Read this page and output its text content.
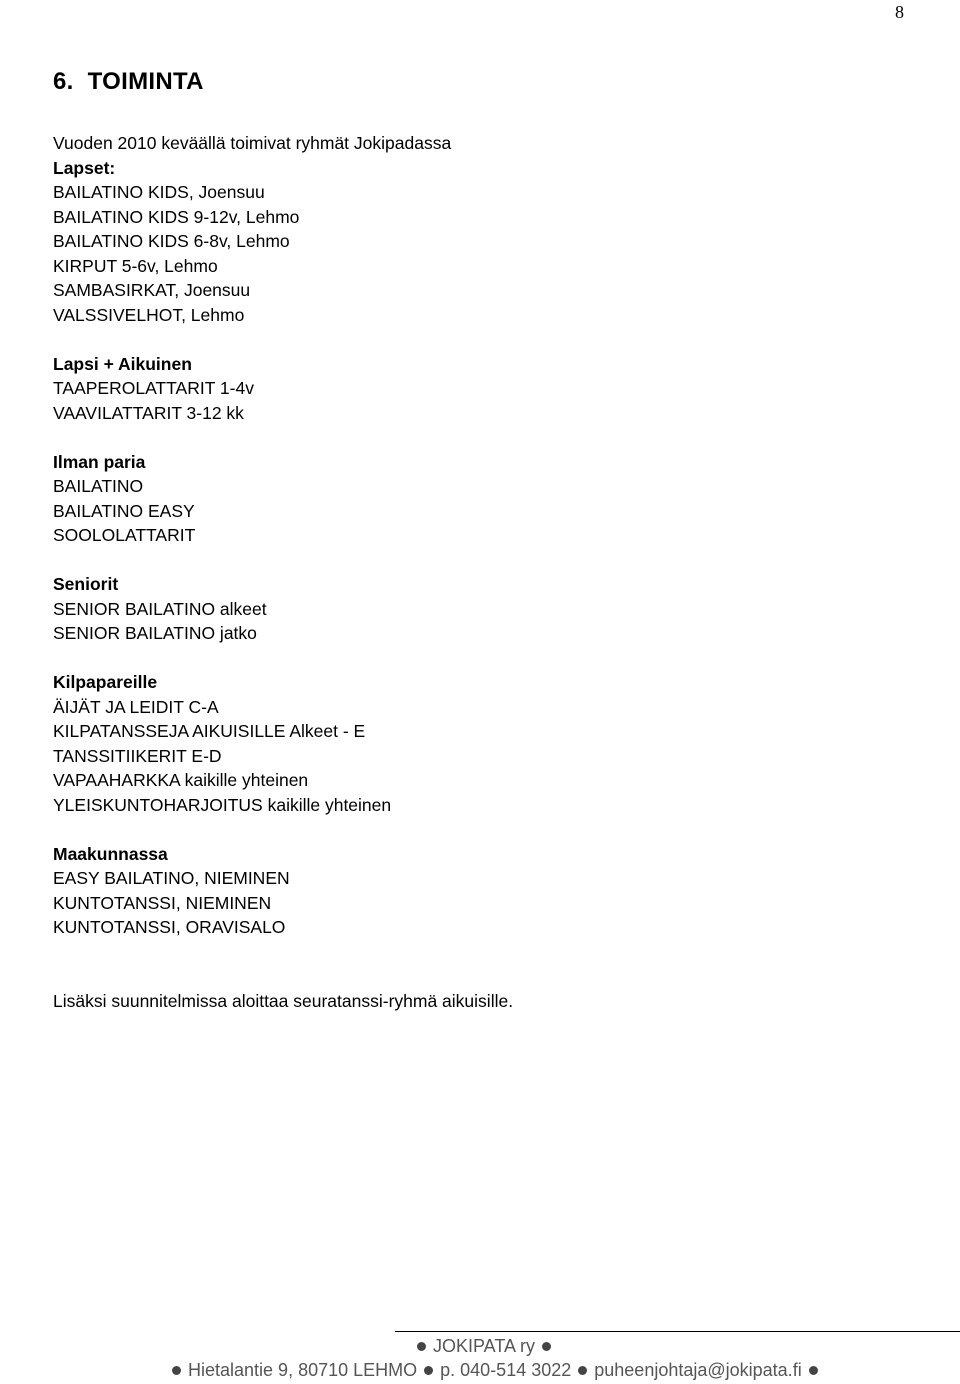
8
6. TOIMINTA
Vuoden 2010 keväällä toimivat ryhmät Jokipadassa
Lapset:
BAILATINO KIDS, Joensuu
BAILATINO KIDS 9-12v, Lehmo
BAILATINO KIDS 6-8v, Lehmo
KIRPUT 5-6v, Lehmo
SAMBASIRKAT, Joensuu
VALSSIVELHOT, Lehmo
Lapsi + Aikuinen
TAAPEROLATTARIT 1-4v
VAAVILATTARIT 3-12 kk
Ilman paria
BAILATINO
BAILATINO EASY
SOOLOLATTARIT
Seniorit
SENIOR BAILATINO alkeet
SENIOR BAILATINO jatko
Kilpapareille
ÄIJÄT JA LEIDIT C-A
KILPATANSSEJA AIKUISILLE Alkeet - E
TANSSITIIKERIT E-D
VAPAAHARKKA kaikille yhteinen
YLEISKUNTOHARJOITUS kaikille yhteinen
Maakunnassa
EASY BAILATINO, NIEMINEN
KUNTOTANSSI, NIEMINEN
KUNTOTANSSI, ORAVISALO
Lisäksi suunnitelmissa aloittaa seuratanssi-ryhmä aikuisille.
JOKIPATA ry
Hietalantie 9, 80710 LEHMO p. 040-514 3022 puheenjohtaja@jokipata.fi
